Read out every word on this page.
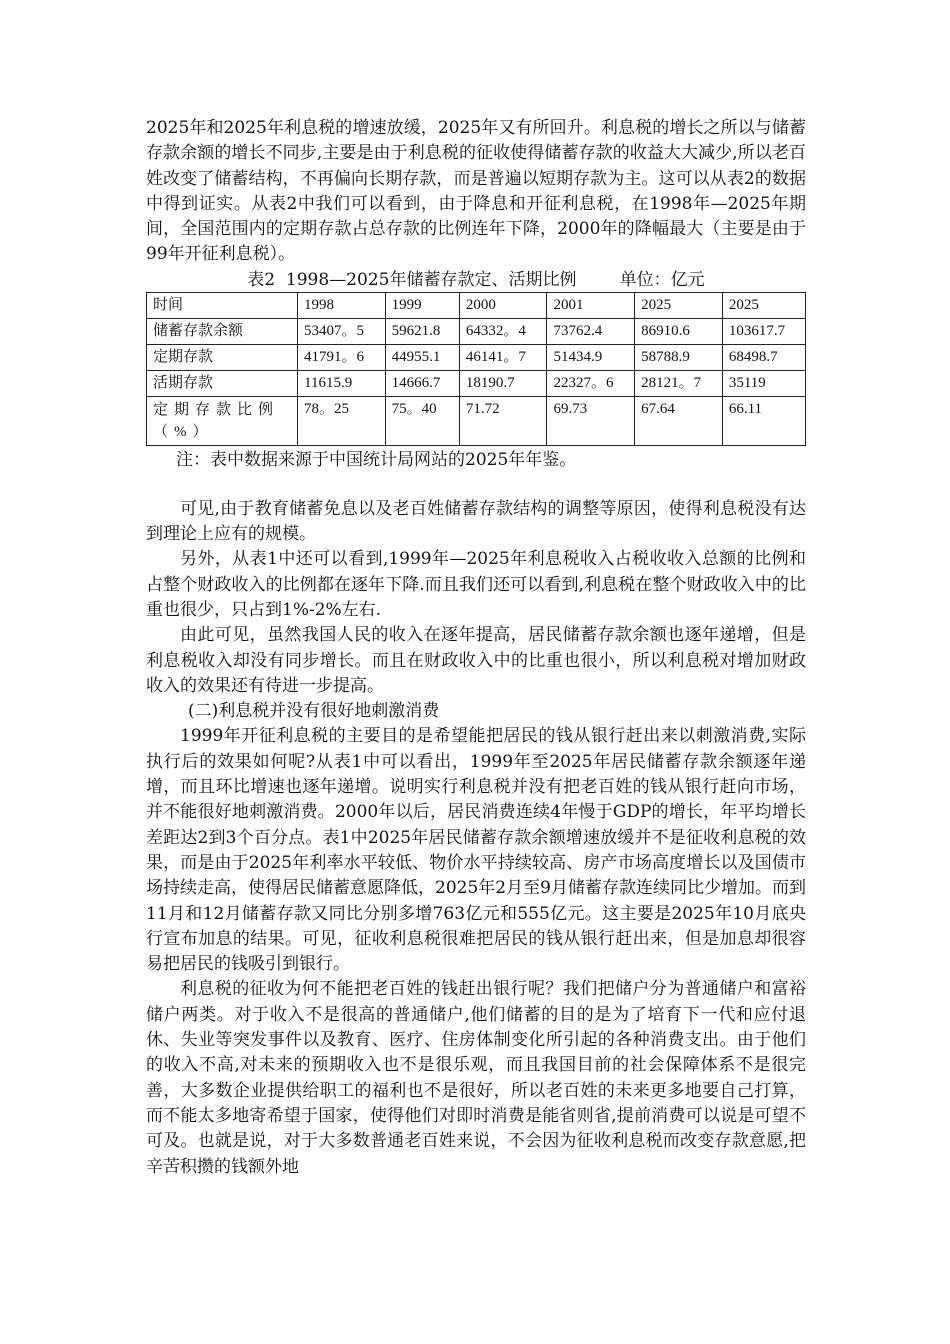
2025年和2025年利息税的增速放缓，2025年又有所回升。利息税的增长之所以与储蓄存款余额的增长不同步,主要是由于利息税的征收使得储蓄存款的收益大大减少,所以老百姓改变了储蓄结构，不再偏向长期存款，而是普遍以短期存款为主。这可以从表2的数据中得到证实。从表2中我们可以看到，由于降息和开征利息税，在1998年—2025年期间，全国范围内的定期存款占总存款的比例连年下降，2000年的降幅最大（主要是由于99年开征利息税）。

表2  1998—2025年储蓄存款定、活期比例	单位：亿元

时间	1998	1999	2000	2001	2025	2025
储蓄存款余额	53407。5	59621.8	64332。4	73762.4	86910.6	103617.7
定期存款	41791。6	44955.1	46141。7	51434.9	58788.9	68498.7
活期存款	11615.9	14666.7	18190.7	22327。6	28121。7	35119
定期存款比例（%）	78。25	75。40	71.72	69.73	67.64	66.11

注：表中数据来源于中国统计局网站的2025年年鉴。

可见,由于教育储蓄免息以及老百姓储蓄存款结构的调整等原因，使得利息税没有达到理论上应有的规模。

另外，从表1中还可以看到,1999年—2025年利息税收入占税收收入总额的比例和占整个财政收入的比例都在逐年下降.而且我们还可以看到,利息税在整个财政收入中的比重也很少，只占到1%-2%左右.

由此可见，虽然我国人民的收入在逐年提高，居民储蓄存款余额也逐年递增，但是利息税收入却没有同步增长。而且在财政收入中的比重也很小，所以利息税对增加财政收入的效果还有待进一步提高。

(二)利息税并没有很好地刺激消费

1999年开征利息税的主要目的是希望能把居民的钱从银行赶出来以刺激消费,实际执行后的效果如何呢?从表1中可以看出，1999年至2025年居民储蓄存款余额逐年递增，而且环比增速也逐年递增。说明实行利息税并没有把老百姓的钱从银行赶向市场，并不能很好地刺激消费。2000年以后，居民消费连续4年慢于GDP的增长，年平均增长差距达2到3个百分点。表1中2025年居民储蓄存款余额增速放缓并不是征收利息税的效果，而是由于2025年利率水平较低、物价水平持续较高、房产市场高度增长以及国债市场持续走高，使得居民储蓄意愿降低，2025年2月至9月储蓄存款连续同比少增加。而到11月和12月储蓄存款又同比分别多增763亿元和555亿元。这主要是2025年10月底央行宣布加息的结果。可见，征收利息税很难把居民的钱从银行赶出来，但是加息却很容易把居民的钱吸引到银行。

利息税的征收为何不能把老百姓的钱赶出银行呢？我们把储户分为普通储户和富裕储户两类。对于收入不是很高的普通储户,他们储蓄的目的是为了培育下一代和应付退休、失业等突发事件以及教育、医疗、住房体制变化所引起的各种消费支出。由于他们的收入不高,对未来的预期收入也不是很乐观，而且我国目前的社会保障体系不是很完善，大多数企业提供给职工的福利也不是很好，所以老百姓的未来更多地要自己打算，而不能太多地寄希望于国家，使得他们对即时消费是能省则省,提前消费可以说是可望不可及。也就是说，对于大多数普通老百姓来说，不会因为征收利息税而改变存款意愿,把辛苦积攒的钱额外地
